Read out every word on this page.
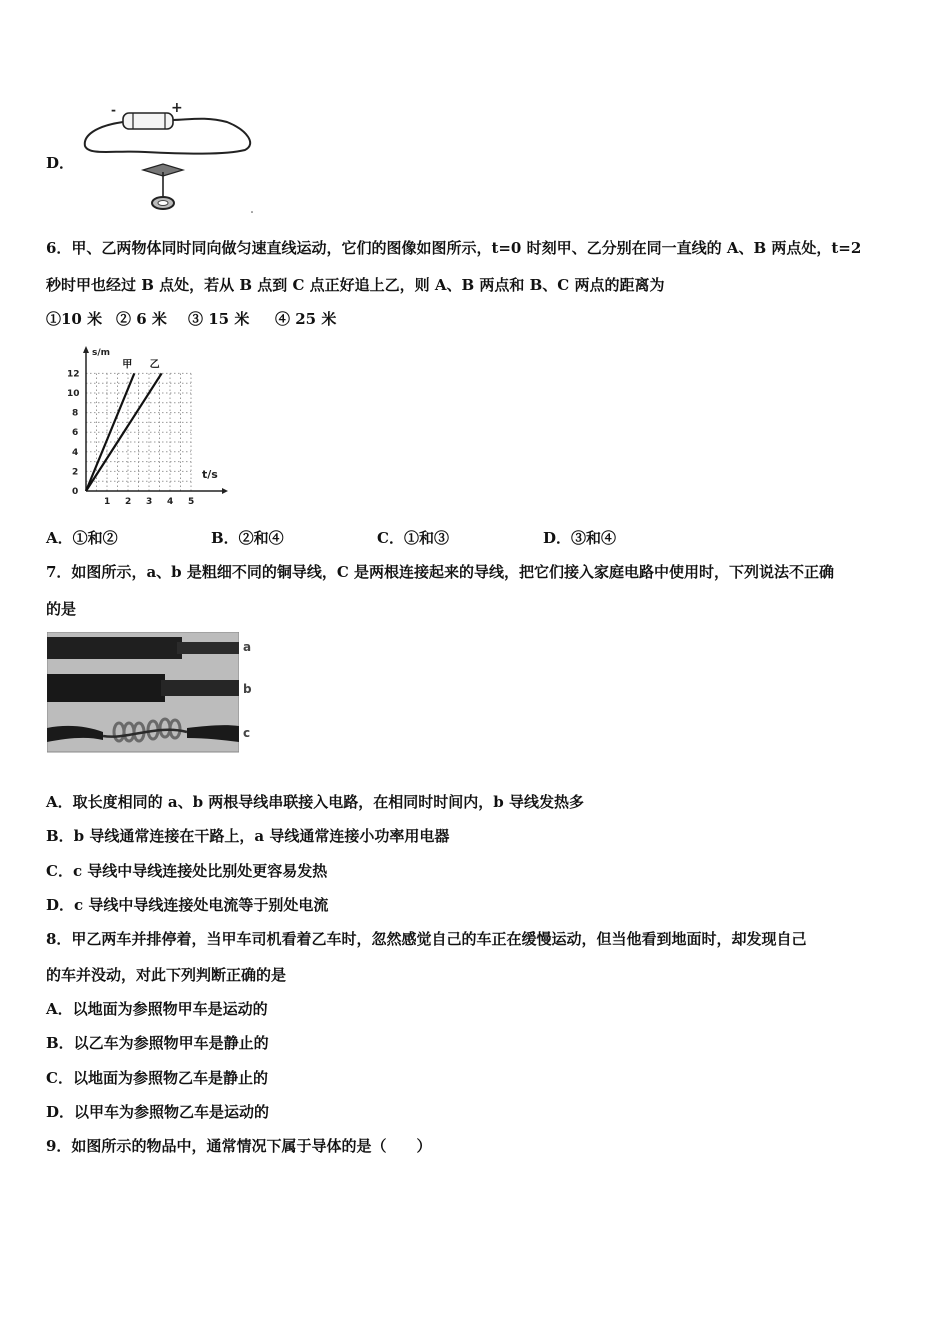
D．
-	+
6．甲、乙两物体同时同向做匀速直线运动，它们的图像如图所示，t=0 时刻甲、乙分别在同一直线的 A、B 两点处，t=2
秒时甲也经过 B 点处，若从 B 点到 C 点正好追上乙，则 A、B 两点和 B、C 两点的距离为
①10 米 ② 6 米 ③ 15 米 ④ 25 米
1 2 3 4 5
0
2
4
6
8
10
12
甲 乙
s/m
t/s
A．①和②	B．②和④	C．①和③	D．③和④
7．如图所示，a、b 是粗细不同的铜导线，C 是两根连接起来的导线，把它们接入家庭电路中使用时，下列说法不正确
的是
a
b
c
A．取长度相同的 a、b 两根导线串联接入电路，在相同时时间内，b 导线发热多
B．b 导线通常连接在干路上，a 导线通常连接小功率用电器
C．c 导线中导线连接处比别处更容易发热
D．c 导线中导线连接处电流等于别处电流
8．甲乙两车并排停着，当甲车司机看着乙车时，忽然感觉自己的车正在缓慢运动，但当他看到地面时，却发现自己
的车并没动，对此下列判断正确的是
A．以地面为参照物甲车是运动的
B．以乙车为参照物甲车是静止的
C．以地面为参照物乙车是静止的
D．以甲车为参照物乙车是运动的
9．如图所示的物品中，通常情况下属于导体的是（　　）
